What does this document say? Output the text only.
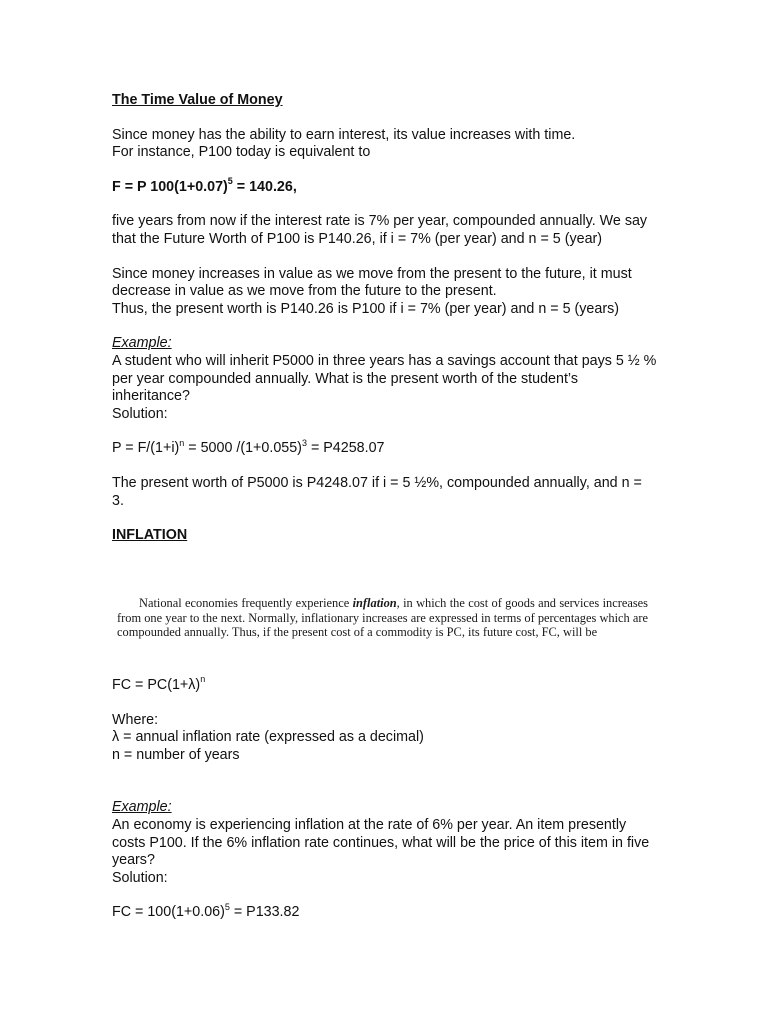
The Time Value of Money

Since money has the ability to earn interest, its value increases with time.

For instance, P100 today is equivalent to

F = P $100(1+0.07)^5 = 140.26$,

five years from now if the interest rate is 7% per year, compounded annually. We say that the Future Worth of P100 is P140.26, if i = 7% (per year) and n = 5 (year)

Since money increases in value as we move from the present to the future, it must decrease in value as we move from the future to the present.

Thus, the present worth is P140.26 is P100 if i = 7% (per year) and n = 5 (years)

Example:

A student who will inherit P5000 in three years has a savings account that pays 5 ½ % per year compounded annually. What is the present worth of the student’s inheritance?

Solution:

$P = F/(1+i)^n = 5000$ $/(1+0.055)^3 = P4258.07$

The present worth of P5000 is P4248.07 if i = 5 ½%, compounded annually, and n = 3.

INFLATION

National economies frequently experience inflation, in which the cost of goods and services increases from one year to the next. Normally, inflationary increases are expressed in terms of percentages which are compounded annually. Thus, if the present cost of a commodity is PC, its future cost, FC, will be

FC = $PC(1+\lambda)^n$

Where:

λ = annual inflation rate (expressed as a decimal)

n = number of years

Example:

An economy is experiencing inflation at the rate of 6% per year. An item presently costs P100. If the 6% inflation rate continues, what will be the price of this item in five years?

Solution:

FC = $100(1+0.06)^5 = P133.82$
